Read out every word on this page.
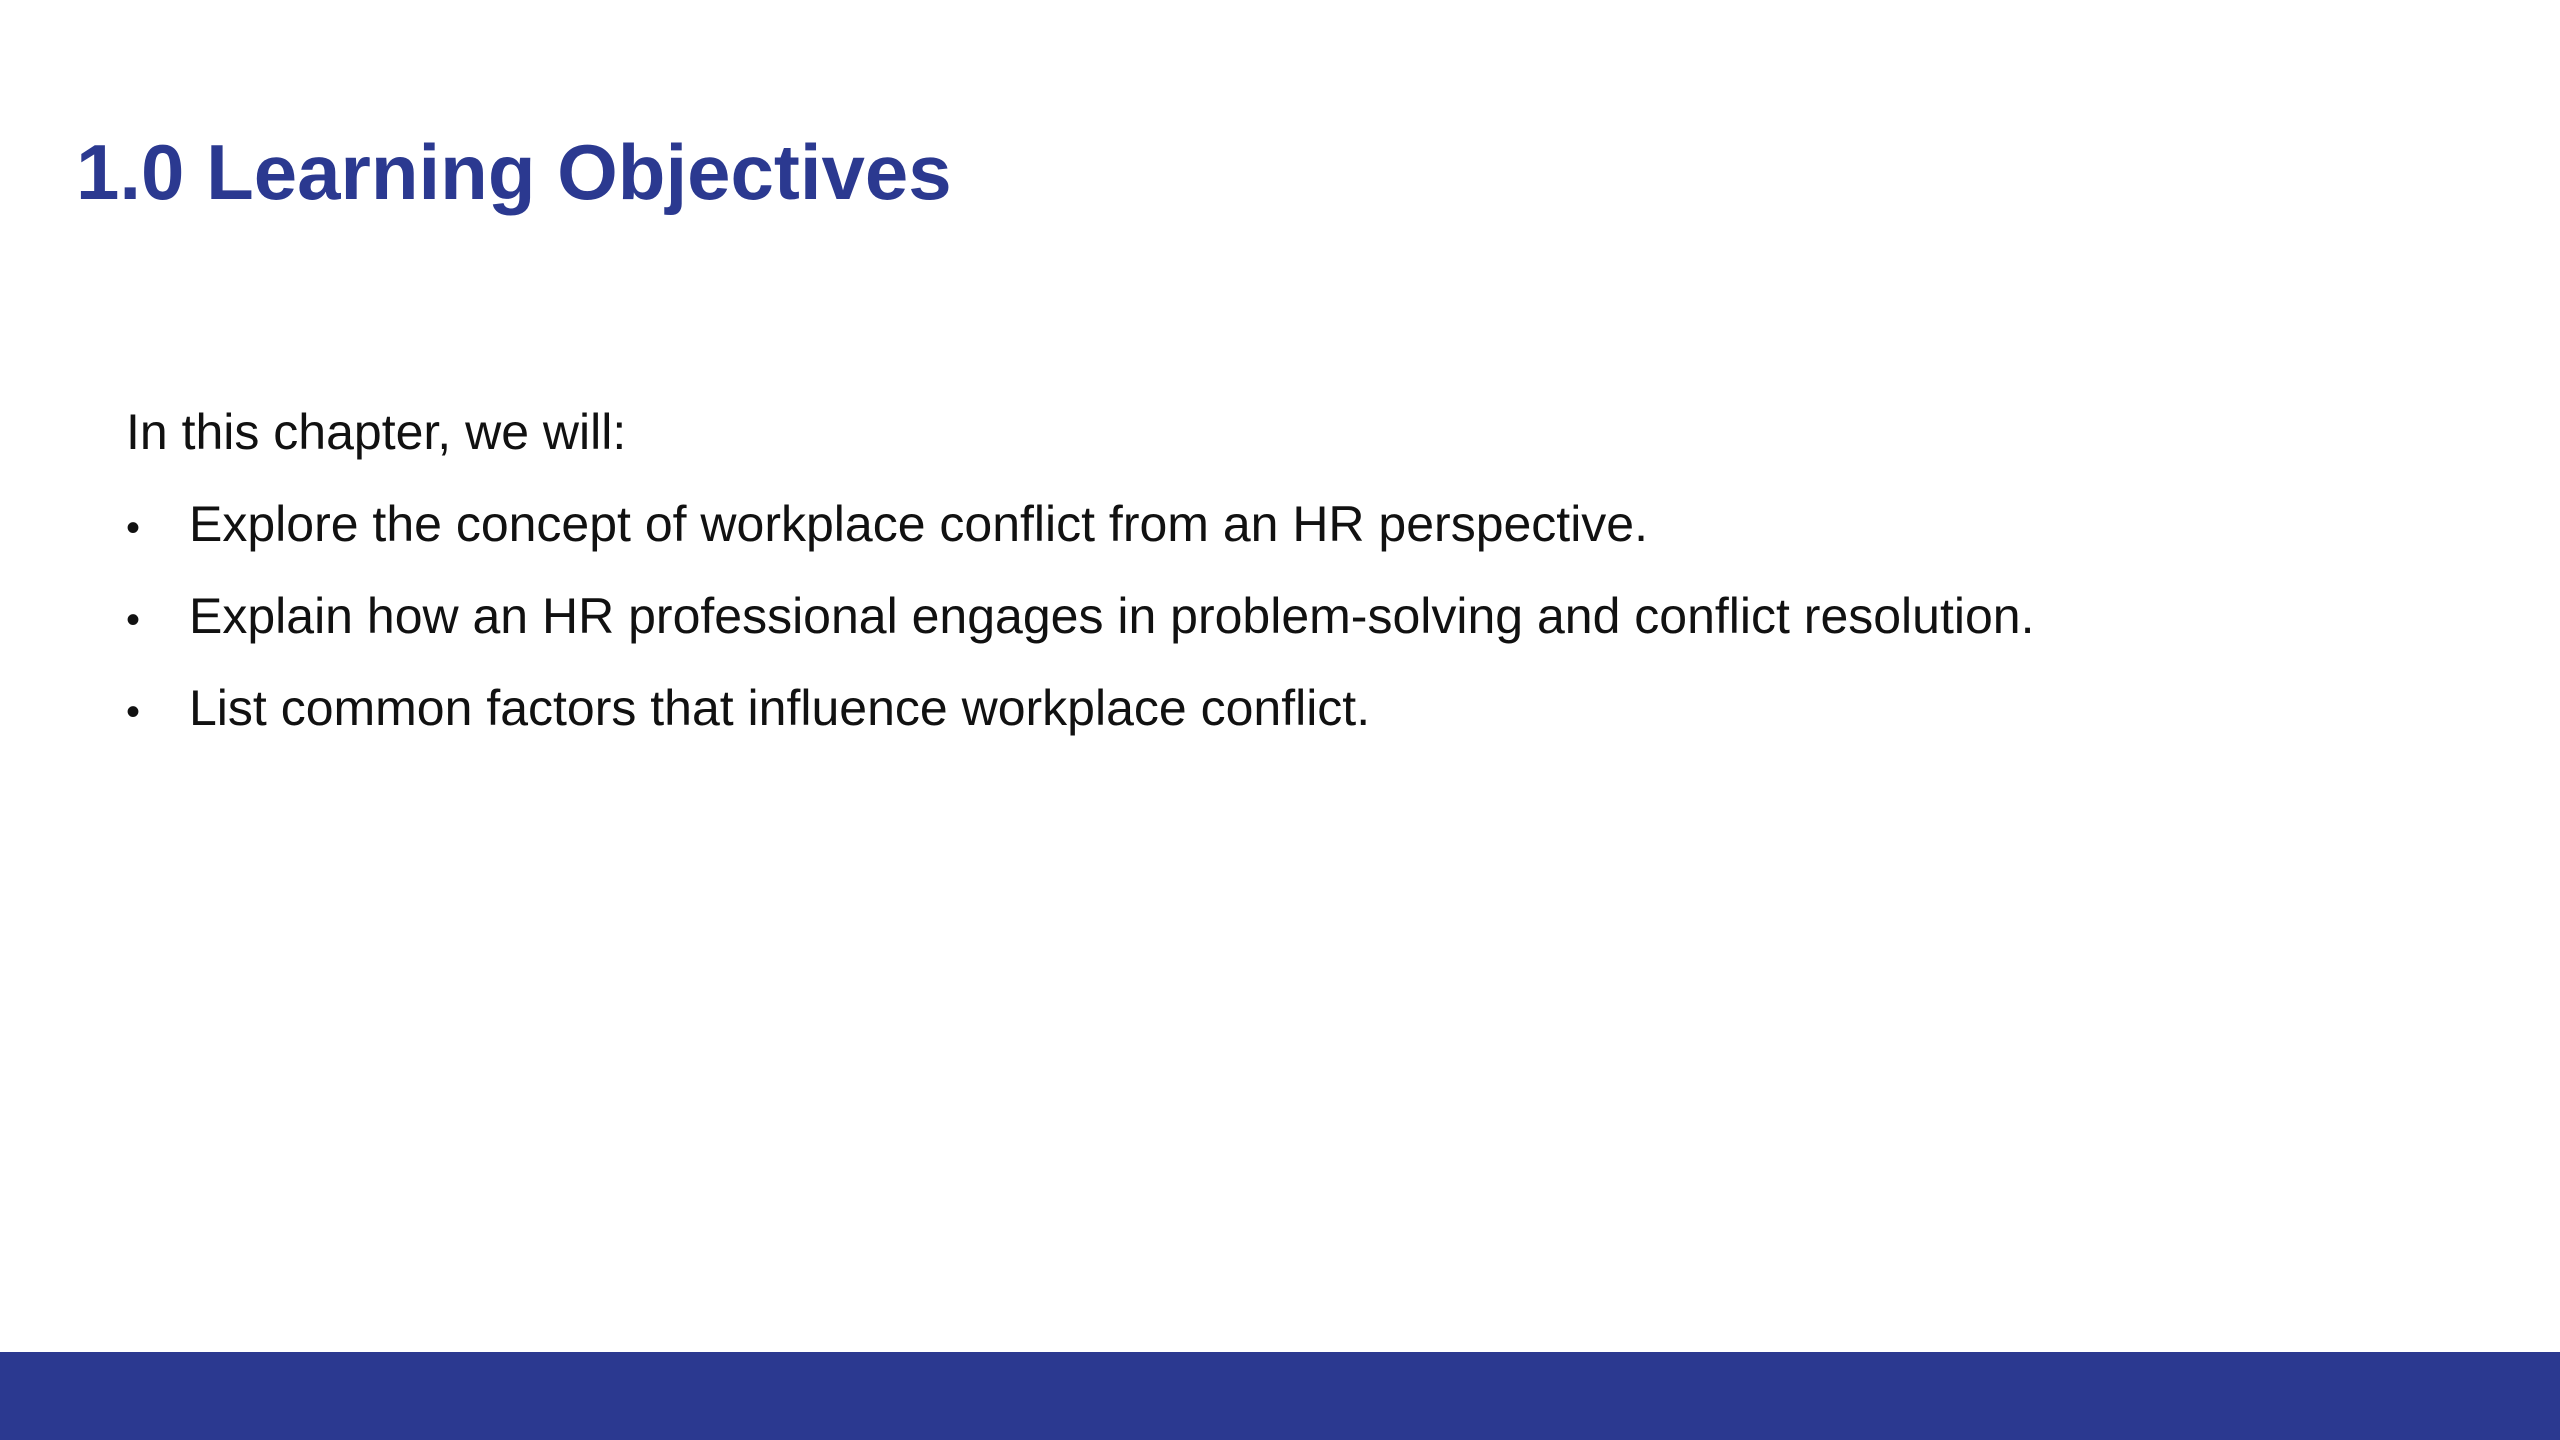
1.0 Learning Objectives

In this chapter, we will:

• Explore the concept of workplace conflict from an HR perspective.
• Explain how an HR professional engages in problem-solving and conflict resolution.
• List common factors that influence workplace conflict.
